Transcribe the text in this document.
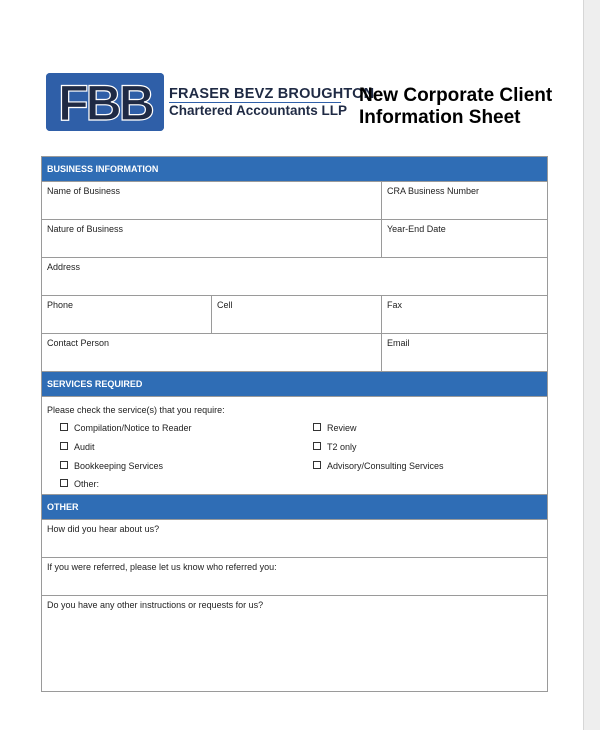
FBB FRASER BEVZ BROUGHTON
Chartered Accountants LLP
New Corporate Client
Information Sheet
BUSINESS INFORMATION
Name of Business	CRA Business Number
Nature of Business	Year-End Date
Address
Phone	Cell	Fax
Contact Person	Email
SERVICES REQUIRED
Please check the service(s) that you require:
Compilation/Notice to Reader
Audit
Bookkeeping Services
Other:
Review
T2 only
Advisory/Consulting Services
OTHER
How did you hear about us?
If you were referred, please let us know who referred you:
Do you have any other instructions or requests for us?
